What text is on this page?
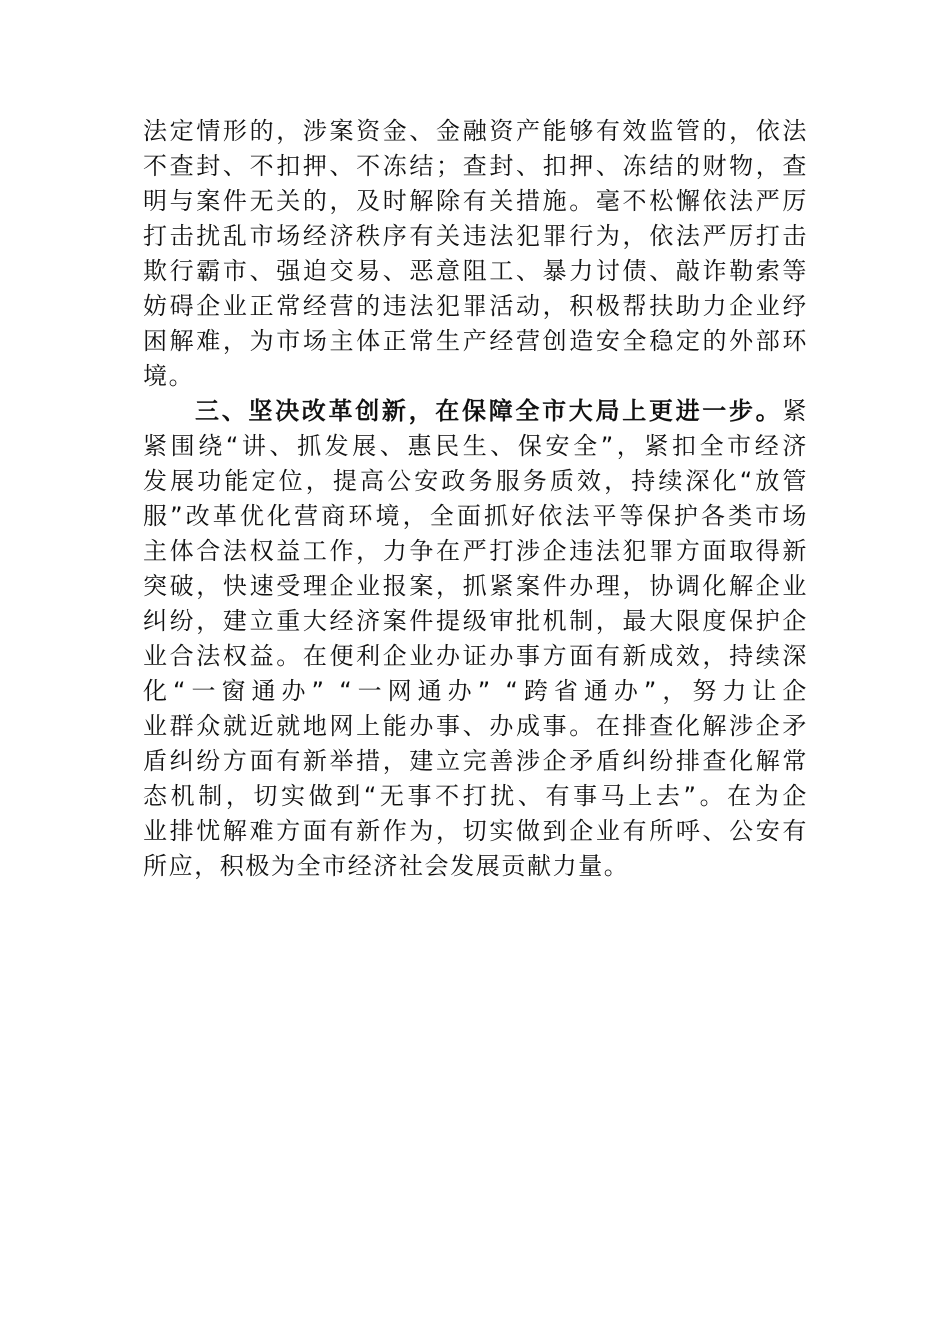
法定情形的，涉案资金、金融资产能够有效监管的，依法
不查封、不扣押、不冻结；查封、扣押、冻结的财物，查
明与案件无关的，及时解除有关措施。毫不松懈依法严厉
打击扰乱市场经济秩序有关违法犯罪行为，依法严厉打击
欺行霸市、强迫交易、恶意阻工、暴力讨债、敲诈勒索等
妨碍企业正常经营的违法犯罪活动，积极帮扶助力企业纾
困解难，为市场主体正常生产经营创造安全稳定的外部环
境。
三、坚决改革创新，在保障全市大局上更进一步。紧
紧围绕“讲、抓发展、惠民生、保安全”，紧扣全市经济
发展功能定位，提高公安政务服务质效，持续深化“放管
服”改革优化营商环境，全面抓好依法平等保护各类市场
主体合法权益工作，力争在严打涉企违法犯罪方面取得新
突破，快速受理企业报案，抓紧案件办理，协调化解企业
纠纷，建立重大经济案件提级审批机制，最大限度保护企
业合法权益。在便利企业办证办事方面有新成效，持续深
化“一窗通办” “一网通办” “跨省通办”，努力让企
业群众就近就地网上能办事、办成事。在排查化解涉企矛
盾纠纷方面有新举措，建立完善涉企矛盾纠纷排查化解常
态机制，切实做到“无事不打扰、有事马上去”。在为企
业排忧解难方面有新作为，切实做到企业有所呼、公安有
所应，积极为全市经济社会发展贡献力量。
